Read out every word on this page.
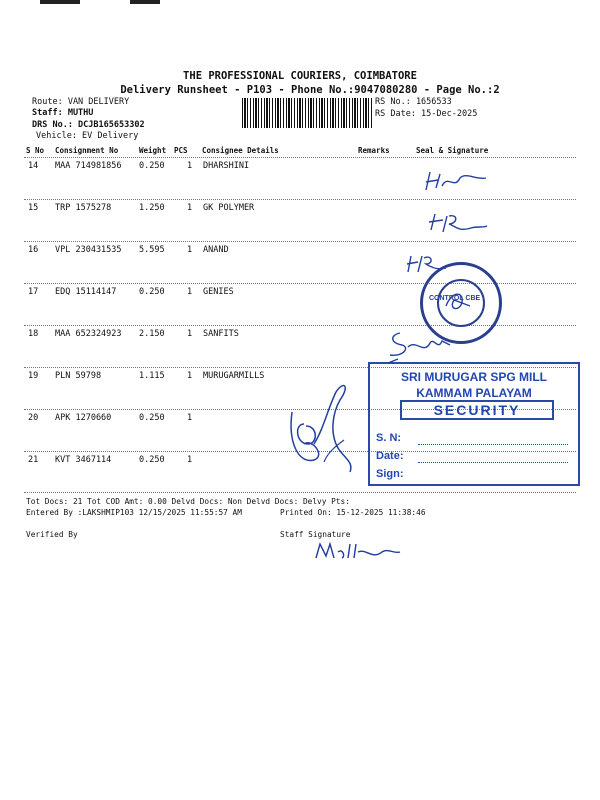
THE PROFESSIONAL COURIERS, COIMBATORE
Delivery Runsheet - P103 - Phone No.:9047080280 - Page No.:2
Route: VAN DELIVERY
Staff: MUTHU
DRS No.: DCJB165653302
Vehicle: EV Delivery
RS No.: 1656533
RS Date: 15-Dec-2025
S No Consignment No	Weight PCS Consignee Details	Remarks	Seal & Signature
14 MAA 714981856 0.250	1 DHARSHINI
15 TRP 1575278	1.250	1 GK POLYMER
16 VPL 230431535 5.595	1 ANAND
17 EDQ 15114147	0.250	1 GENIES
18 MAA 652324923 2.150	1 SANFITS
19 PLN 59798	1.115	1 MURUGARMILLS
20 APK 1270660	0.250	1
21 KVT 3467114	0.250	1
Tot Docs: 21 Tot COD Amt: 0.00 Delvd Docs: Non Delvd Docs: Delvy Pts:
Entered By :LAKSHMIP103 12/15/2025 11:55:57 AM	Printed On: 15-12-2025 11:38:46
Verified By	Staff Signature
CONTROL CBE
SRI MURUGAR SPG MILL
KAMMAM PALAYAM
SECURITY
S. N:
Date:
Sign:
